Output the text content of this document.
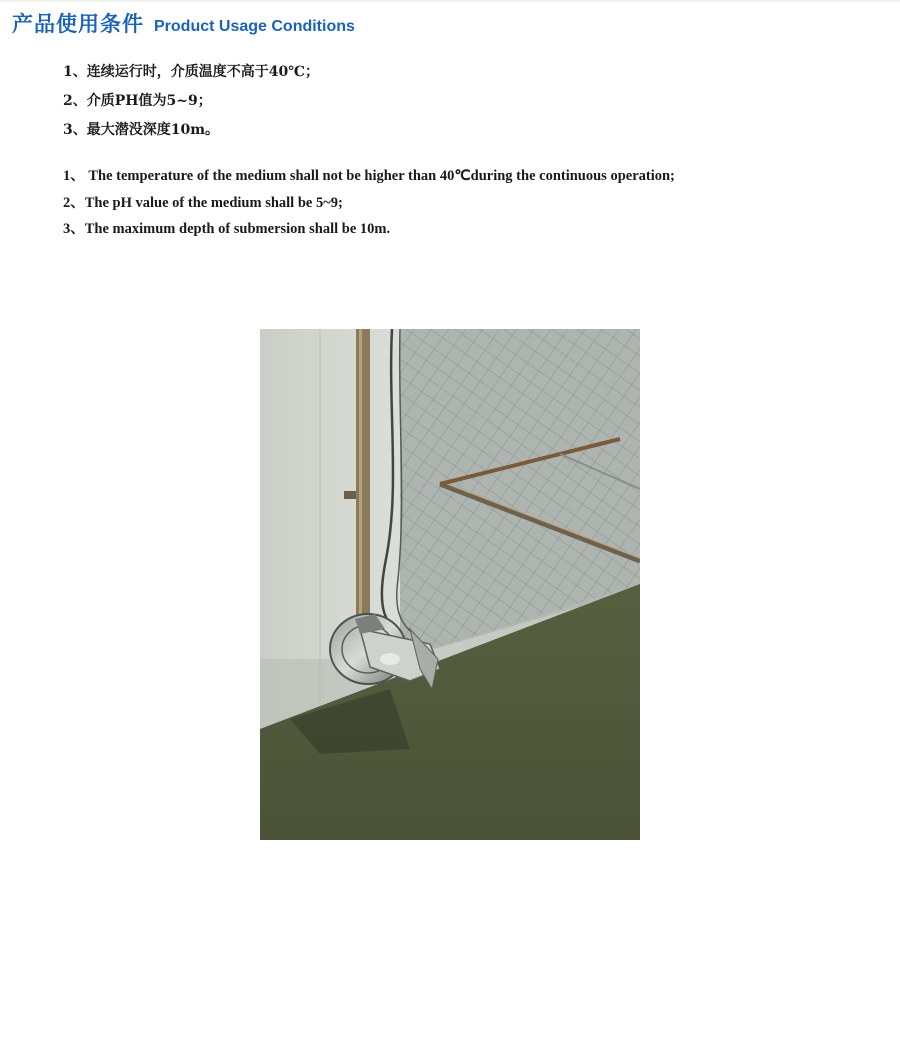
产品使用条件 Product Usage Conditions
1、连续运行时，介质温度不高于40℃；
2、介质PH值为5~9；
3、最大潜没深度10m。
1、 The temperature of the medium shall not be higher than 40℃during the continuous operation;
2、The pH value of the medium shall be 5~9;
3、The maximum depth of submersion shall be 10m.
